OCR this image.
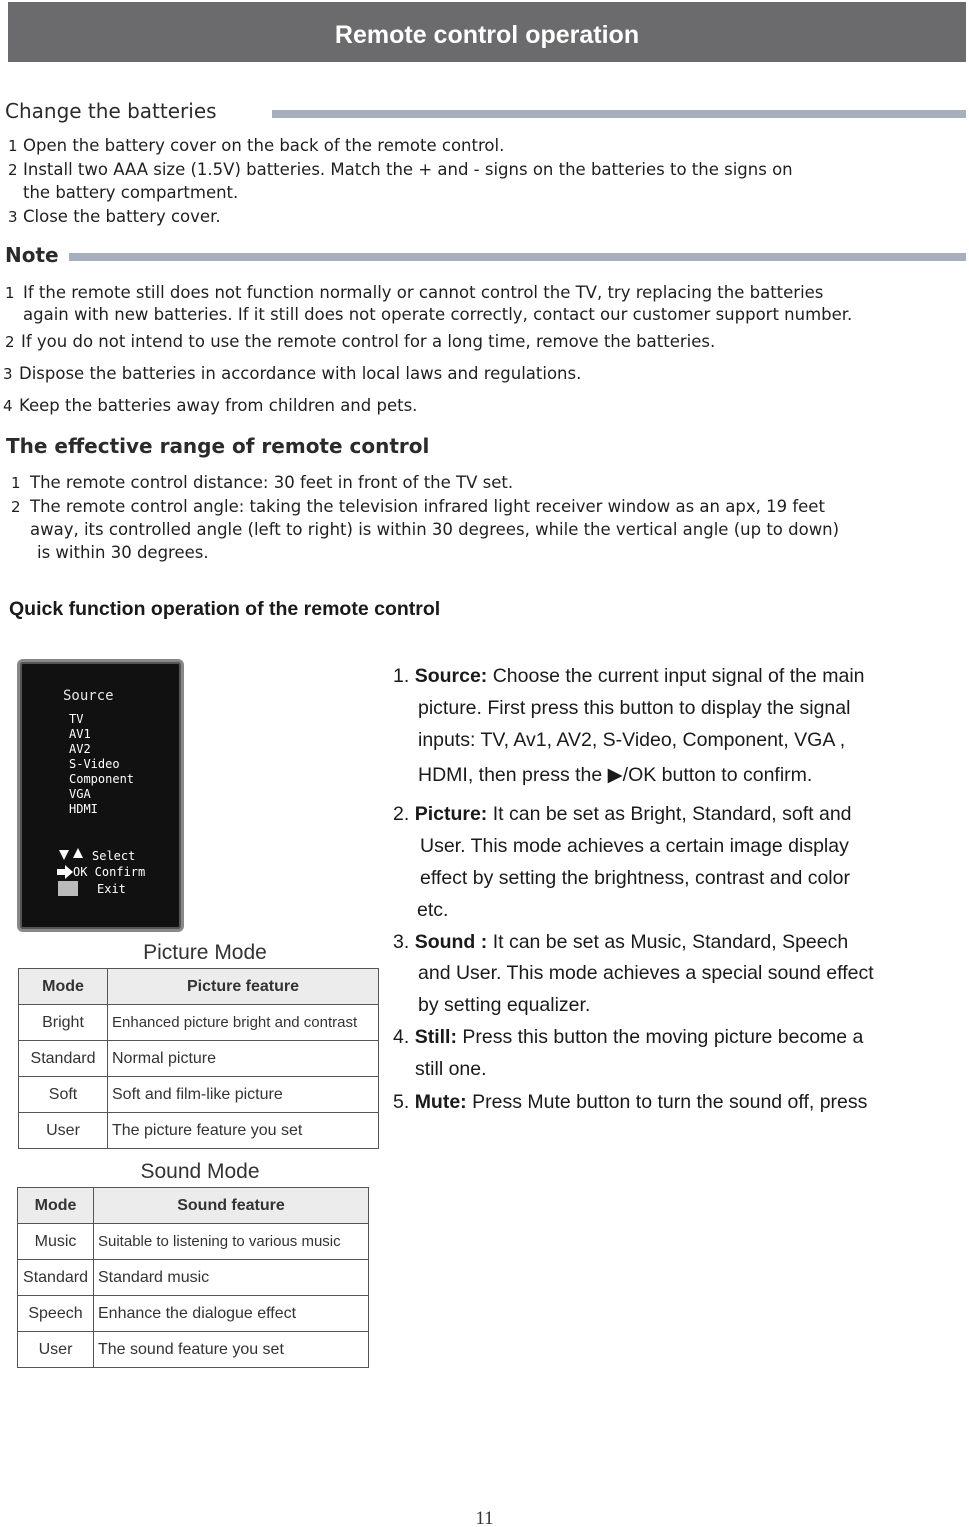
Remote control operation
Change the batteries
1 Open the battery cover on the back of the remote control.
2 Install two AAA size (1.5V) batteries. Match the + and - signs on the batteries to the signs on
the battery compartment.
3 Close the battery cover.
Note
1 If the remote still does not function normally or cannot control the TV, try replacing the batteries
again with new batteries. If it still does not operate correctly, contact our customer support number.
2 If you do not intend to use the remote control for a long time, remove the batteries.
3 Dispose the batteries in accordance with local laws and regulations.
4 Keep the batteries away from children and pets.
The effective range of remote control
1 The remote control distance: 30 feet in front of the TV set.
2 The remote control angle: taking the television infrared light receiver window as an apx, 19 feet
away, its controlled angle (left to right) is within 30 degrees, while the vertical angle (up to down)
is within 30 degrees.
Quick function operation of the remote control
Source
TV
AV1
AV2
S-Video
Component
VGA
HDMI
Select
OK Confirm
Exit
Picture Mode
Mode	Picture feature
Bright	Enhanced picture bright and contrast
Standard	Normal picture
Soft	Soft and film-like picture
User	The picture feature you set
Sound Mode
Mode	Sound feature
Music	Suitable to listening to various music
Standard	Standard music
Speech	Enhance the dialogue effect
User	The sound feature you set
1. Source: Choose the current input signal of the main
picture. First press this button to display the signal
inputs: TV, Av1, AV2, S-Video, Component, VGA ,
HDMI, then press the ▶/OK button to confirm.
2. Picture: It can be set as Bright, Standard, soft and
User. This mode achieves a certain image display
effect by setting the brightness, contrast and color
etc.
3. Sound : It can be set as Music, Standard, Speech
and User. This mode achieves a special sound effect
by setting equalizer.
4. Still: Press this button the moving picture become a
still one.
5. Mute: Press Mute button to turn the sound off, press
11
